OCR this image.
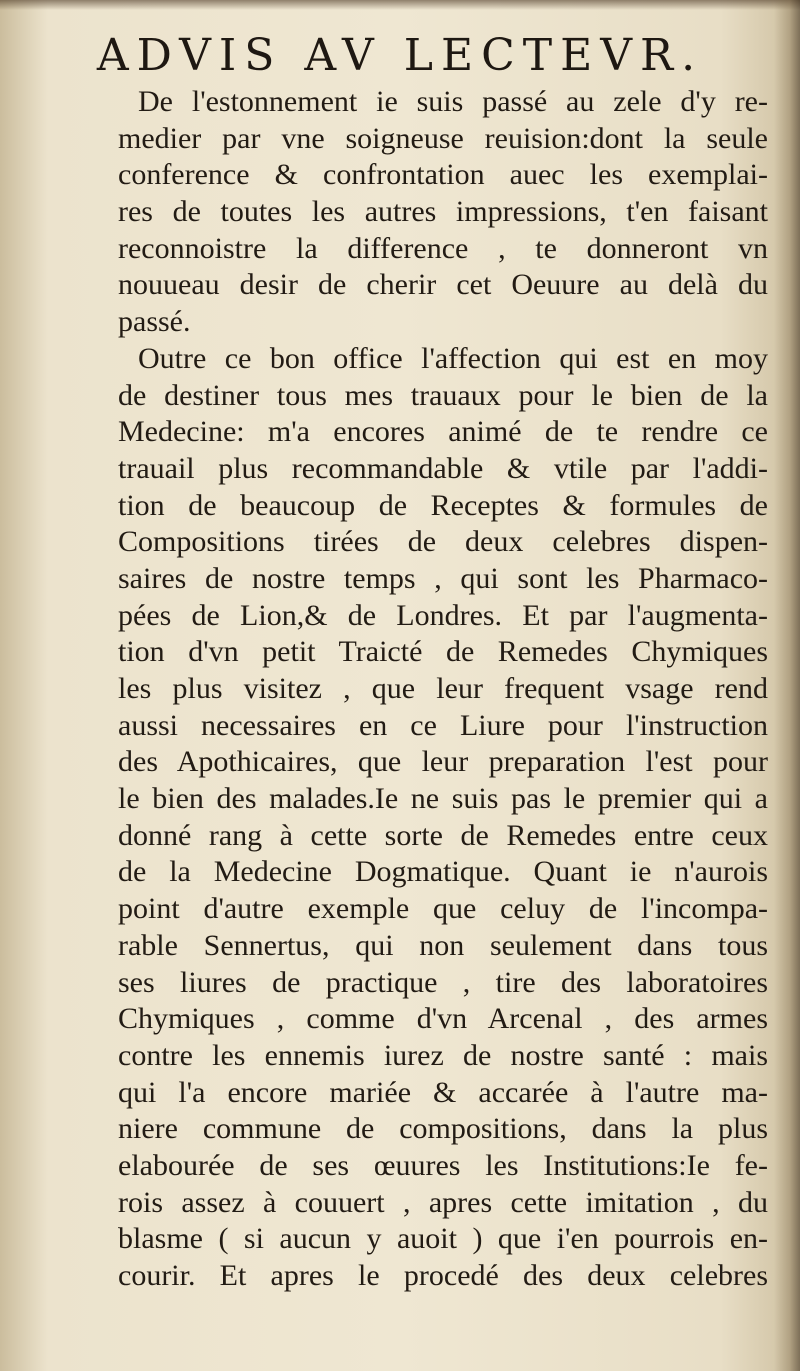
ADVIS AV LECTEVR.
De l'estonnement ie suis passé au zele d'y re-
medier par vne soigneuse reuision:dont la seule
conference & confrontation auec les exemplai-
res de toutes les autres impressions, t'en faisant
reconnoistre la difference , te donneront vn
nouueau desir de cherir cet Oeuure au delà du
passé.
Outre ce bon office l'affection qui est en moy
de destiner tous mes trauaux pour le bien de la
Medecine: m'a encores animé de te rendre ce
trauail plus recommandable & vtile par l'addi-
tion de beaucoup de Receptes & formules de
Compositions tirées de deux celebres dispen-
saires de nostre temps , qui sont les Pharmaco-
pées de Lion,& de Londres. Et par l'augmenta-
tion d'vn petit Traicté de Remedes Chymiques
les plus visitez , que leur frequent vsage rend
aussi necessaires en ce Liure pour l'instruction
des Apothicaires, que leur preparation l'est pour
le bien des malades.Ie ne suis pas le premier qui a
donné rang à cette sorte de Remedes entre ceux
de la Medecine Dogmatique. Quant ie n'aurois
point d'autre exemple que celuy de l'incompa-
rable Sennertus, qui non seulement dans tous
ses liures de practique , tire des laboratoires
Chymiques , comme d'vn Arcenal , des armes
contre les ennemis iurez de nostre santé : mais
qui l'a encore mariée & accarée à l'autre ma-
niere commune de compositions, dans la plus
elabourée de ses œuures les Institutions:Ie fe-
rois assez à couuert , apres cette imitation , du
blasme ( si aucun y auoit ) que i'en pourrois en-
courir. Et apres le procedé des deux celebres
